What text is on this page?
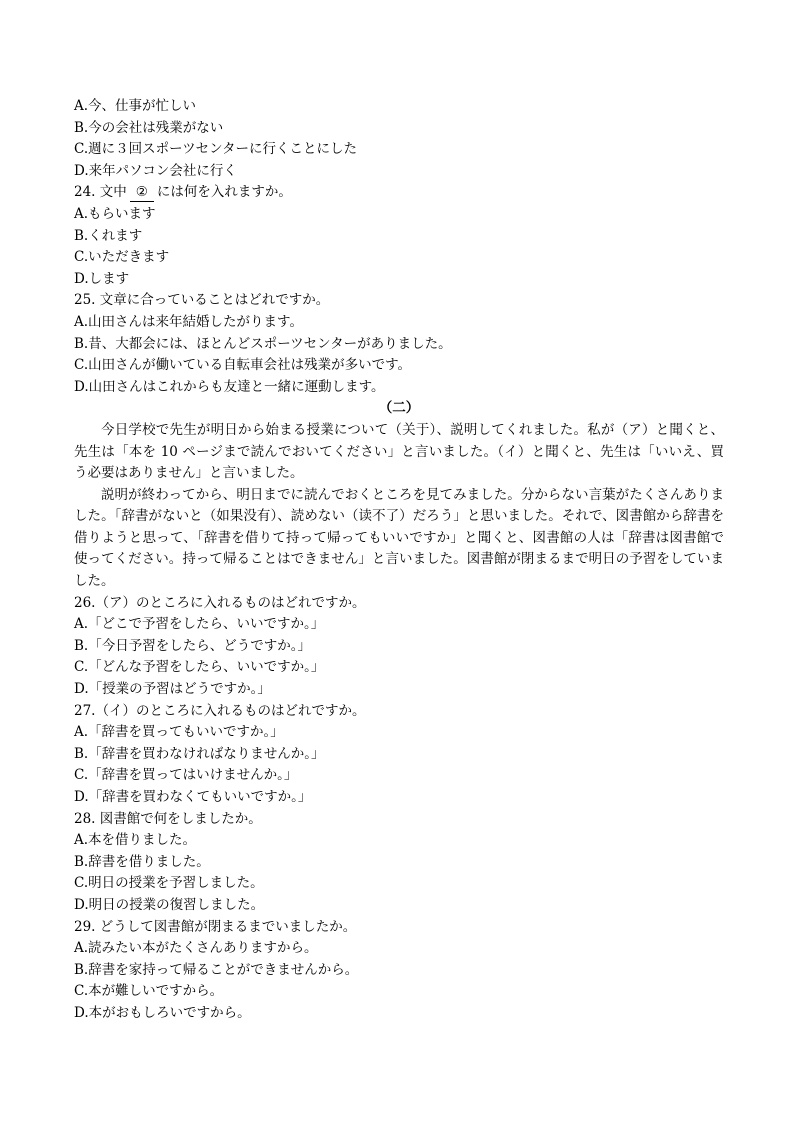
A.今、仕事が忙しい
B.今の会社は残業がない
C.週に３回スポーツセンターに行くことにした
D.来年パソコン会社に行く
24. 文中 ② には何を入れますか。
A.もらいます
B.くれます
C.いただきます
D.します
25. 文章に合っていることはどれですか。
A.山田さんは来年結婚したがります。
B.昔、大都会には、ほとんどスポーツセンターがありました。
C.山田さんが働いている自転車会社は残業が多いです。
D.山田さんはこれからも友達と一緒に運動します。
（二）
今日学校で先生が明日から始まる授業について（关于）、説明してくれました。私が（ア）と聞くと、先生は「本を 10 ページまで読んでおいてください」と言いました。（イ）と聞くと、先生は「いいえ、買う必要はありません」と言いました。
説明が終わってから、明日までに読んでおくところを見てみました。分からない言葉がたくさんありました。「辞書がないと（如果没有）、読めない（读不了）だろう」と思いました。それで、図書館から辞書を借りようと思って、「辞書を借りて持って帰ってもいいですか」と聞くと、図書館の人は「辞書は図書館で使ってください。持って帰ることはできません」と言いました。図書館が閉まるまで明日の予習をしていました。
26.（ア）のところに入れるものはどれですか。
A.「どこで予習をしたら、いいですか。」
B.「今日予習をしたら、どうですか。」
C.「どんな予習をしたら、いいですか。」
D.「授業の予習はどうですか。」
27.（イ）のところに入れるものはどれですか。
A.「辞書を買ってもいいですか。」
B.「辞書を買わなければなりませんか。」
C.「辞書を買ってはいけませんか。」
D.「辞書を買わなくてもいいですか。」
28. 図書館で何をしましたか。
A.本を借りました。
B.辞書を借りました。
C.明日の授業を予習しました。
D.明日の授業の復習しました。
29. どうして図書館が閉まるまでいましたか。
A.読みたい本がたくさんありますから。
B.辞書を家持って帰ることができませんから。
C.本が難しいですから。
D.本がおもしろいですから。
